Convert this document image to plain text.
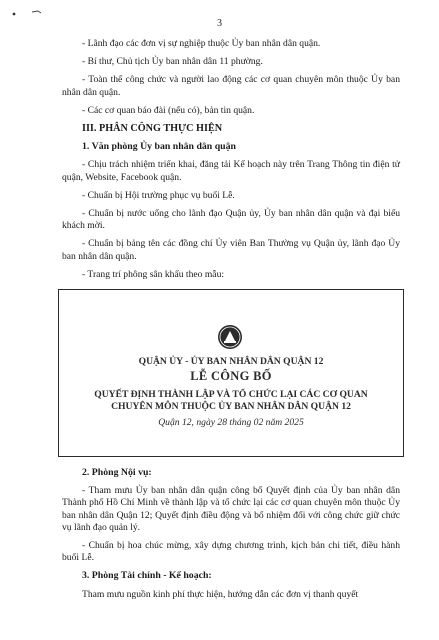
3

- Lãnh đạo các đơn vị sự nghiệp thuộc Ủy ban nhân dân quận.

- Bí thư, Chủ tịch Ủy ban nhân dân 11 phường.

- Toàn thể công chức và người lao động các cơ quan chuyên môn thuộc Ủy ban nhân dân quận.

- Các cơ quan báo đài (nếu có), bản tin quận.

III. PHÂN CÔNG THỰC HIỆN

1. Văn phòng Ủy ban nhân dân quận

- Chịu trách nhiệm triển khai, đăng tải Kế hoạch này trên Trang Thông tin điện tử quận, Website, Facebook quận.

- Chuẩn bị Hội trường phục vụ buổi Lễ.

- Chuẩn bị nước uống cho lãnh đạo Quận ủy, Ủy ban nhân dân quận và đại biểu khách mời.

- Chuẩn bị bảng tên các đồng chí Ủy viên Ban Thường vụ Quận ủy, lãnh đạo Ủy ban nhân dân quận.

- Trang trí phông sân khấu theo mẫu:

QUẬN ỦY - ỦY BAN NHÂN DÂN QUẬN 12
LỄ CÔNG BỐ
QUYẾT ĐỊNH THÀNH LẬP VÀ TỔ CHỨC LẠI CÁC CƠ QUAN
CHUYÊN MÔN THUỘC ỦY BAN NHÂN DÂN QUẬN 12
Quận 12, ngày 28 tháng 02 năm 2025

2. Phòng Nội vụ:

- Tham mưu Ủy ban nhân dân quận công bố Quyết định của Ủy ban nhân dân Thành phố Hồ Chí Minh về thành lập và tổ chức lại các cơ quan chuyên môn thuộc Ủy ban nhân dân Quận 12; Quyết định điều động và bổ nhiệm đối với công chức giữ chức vụ lãnh đạo quản lý.

- Chuẩn bị hoa chúc mừng, xây dựng chương trình, kịch bản chi tiết, điều hành buổi Lễ.

3. Phòng Tài chính - Kế hoạch:

Tham mưu nguồn kinh phí thực hiện, hướng dẫn các đơn vị thanh quyết
